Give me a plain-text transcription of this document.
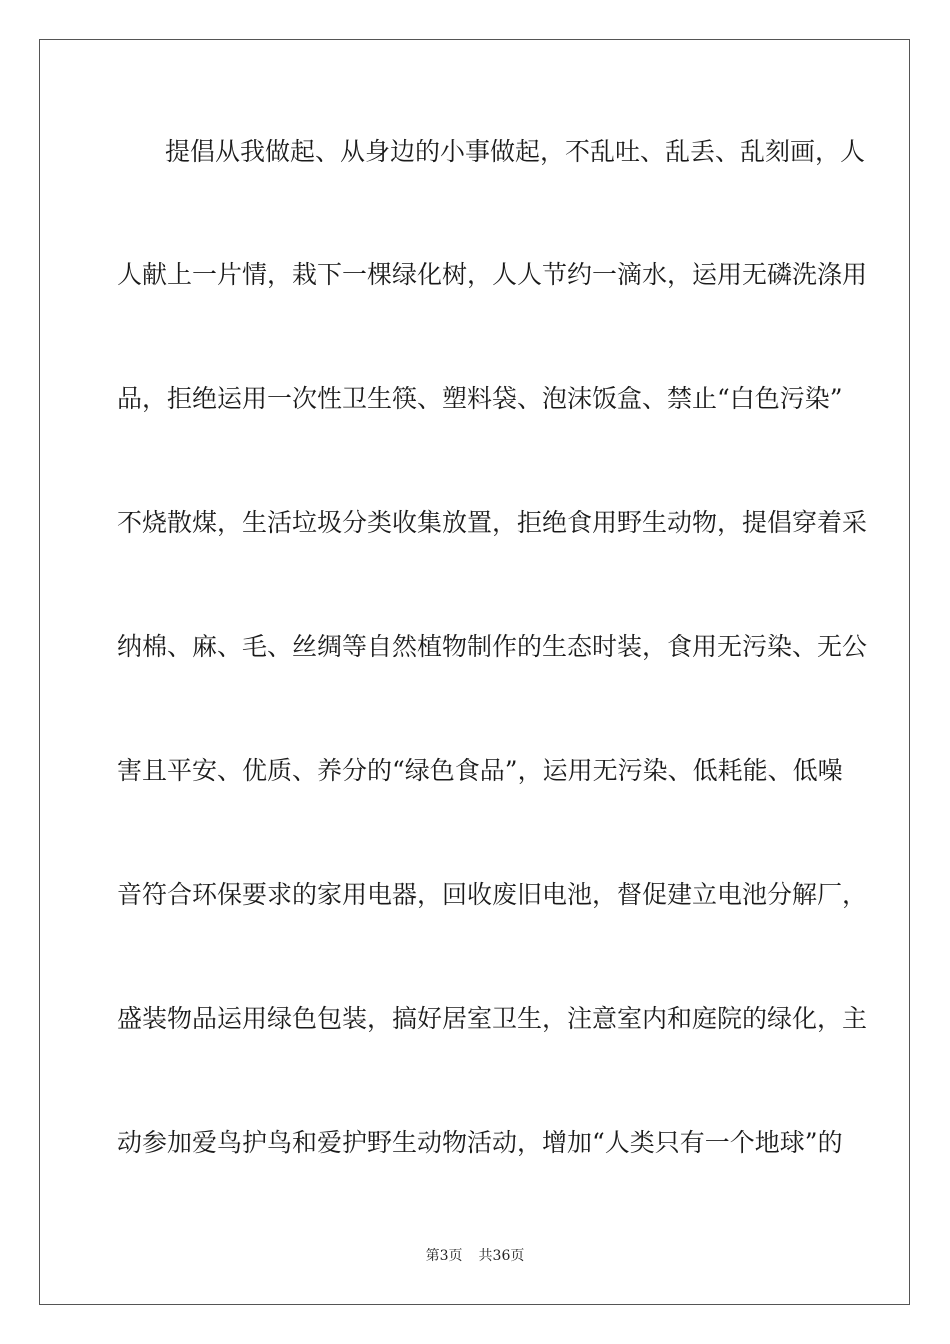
提倡从我做起、从身边的小事做起，不乱吐、乱丢、乱刻画，人
人献上一片情，栽下一棵绿化树，人人节约一滴水，运用无磷洗涤用
品，拒绝运用一次性卫生筷、塑料袋、泡沫饭盒、禁止“白色污染”
不烧散煤，生活垃圾分类收集放置，拒绝食用野生动物，提倡穿着采
纳棉、麻、毛、丝绸等自然植物制作的生态时装，食用无污染、无公
害且平安、优质、养分的“绿色食品”，运用无污染、低耗能、低噪
音符合环保要求的家用电器，回收废旧电池，督促建立电池分解厂，
盛装物品运用绿色包装，搞好居室卫生，注意室内和庭院的绿化，主
动参加爱鸟护鸟和爱护野生动物活动，增加“人类只有一个地球”的
第3页 共36页
